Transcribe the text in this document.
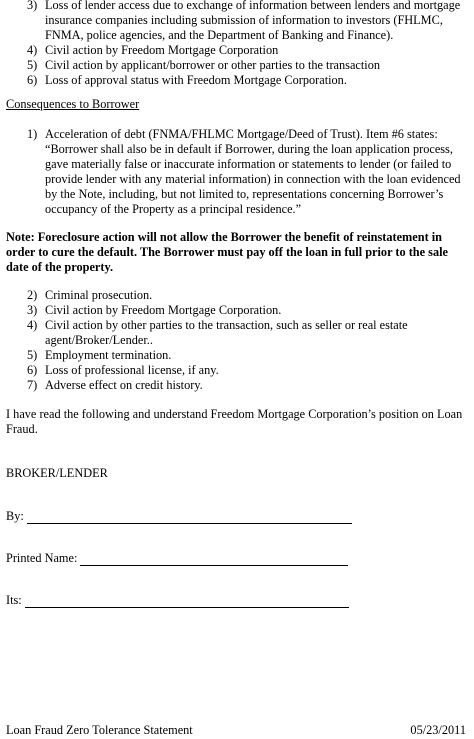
3) Loss of lender access due to exchange of information between lenders and mortgage insurance companies including submission of information to investors (FHLMC, FNMA, police agencies, and the Department of Banking and Finance).
4) Civil action by Freedom Mortgage Corporation
5) Civil action by applicant/borrower or other parties to the transaction
6) Loss of approval status with Freedom Mortgage Corporation.
Consequences to Borrower
1) Acceleration of debt (FNMA/FHLMC Mortgage/Deed of Trust). Item #6 states: “Borrower shall also be in default if Borrower, during the loan application process, gave materially false or inaccurate information or statements to lender (or failed to provide lender with any material information) in connection with the loan evidenced by the Note, including, but not limited to, representations concerning Borrower’s occupancy of the Property as a principal residence.”
Note: Foreclosure action will not allow the Borrower the benefit of reinstatement in order to cure the default. The Borrower must pay off the loan in full prior to the sale date of the property.
2) Criminal prosecution.
3) Civil action by Freedom Mortgage Corporation.
4) Civil action by other parties to the transaction, such as seller or real estate agent/Broker/Lender..
5) Employment termination.
6) Loss of professional license, if any.
7) Adverse effect on credit history.
I have read the following and understand Freedom Mortgage Corporation’s position on Loan Fraud.
BROKER/LENDER
By:
Printed Name:
Its:
Loan Fraud Zero Tolerance Statement	05/23/2011
